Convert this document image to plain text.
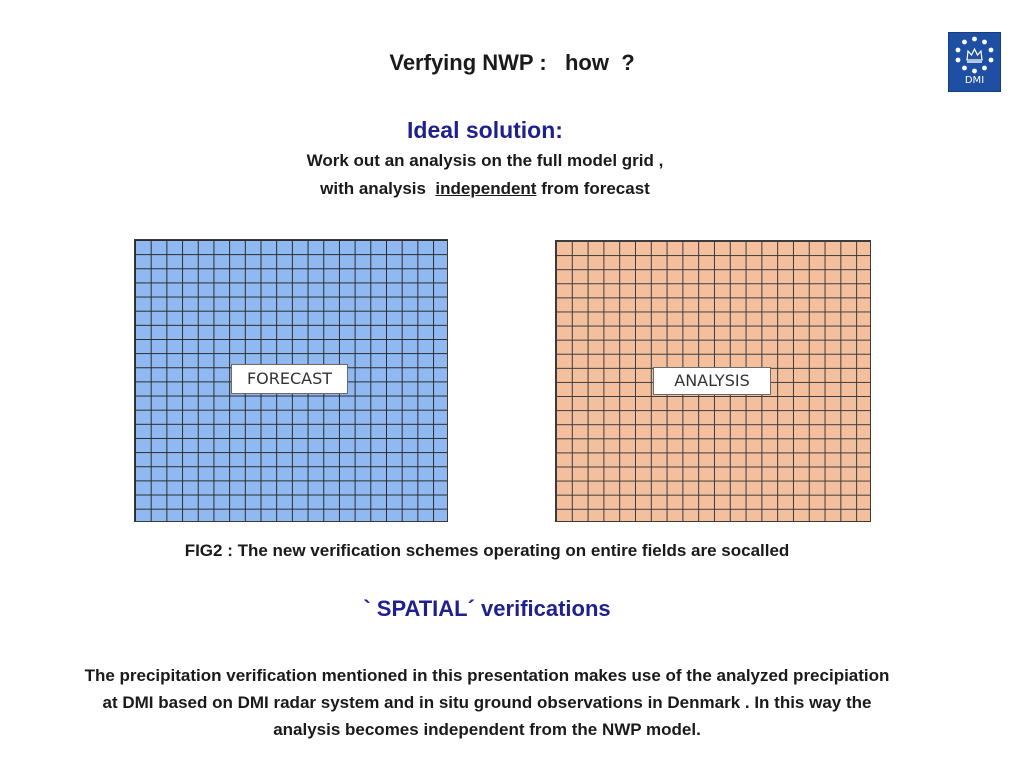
Verfying NWP :   how  ?
DMI
Ideal solution:
Work out an analysis on the full model grid ,
with analysis  independent from forecast
FORECAST	ANALYSIS
FIG2 : The new verification schemes operating on entire fields are socalled
` SPATIAL´ verifications
The precipitation verification mentioned in this presentation makes use of the analyzed precipiation
at DMI based on DMI radar system and in situ ground observations in Denmark . In this way the
analysis becomes independent from the NWP model.
